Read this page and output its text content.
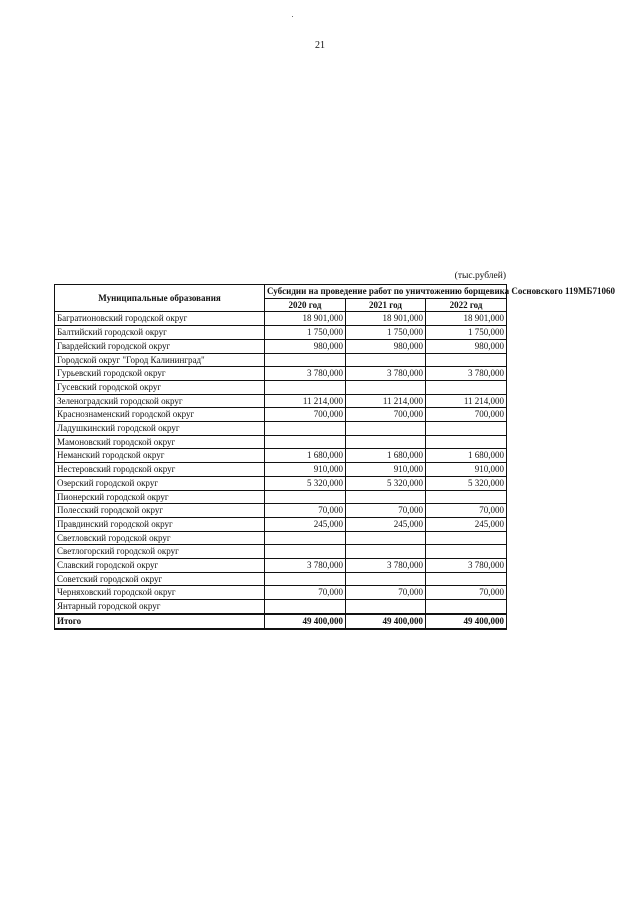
21
(тыс.рублей)
Муниципальные образования	Субсидии на проведение работ по уничтожению борщевика Сосновского 119МБ71060		
	2020 год	2021 год	2022 год
Багратионовский городской округ	18 901,000	18 901,000	18 901,000
Балтийский городской округ	1 750,000	1 750,000	1 750,000
Гвардейский городской округ	980,000	980,000	980,000
Городской округ "Город Калининград"			
Гурьевский городской округ	3 780,000	3 780,000	3 780,000
Гусевский городской округ			
Зеленоградский городской округ	11 214,000	11 214,000	11 214,000
Краснознаменский городской округ	700,000	700,000	700,000
Ладушкинский городской округ			
Мамоновский городской округ			
Неманский городской округ	1 680,000	1 680,000	1 680,000
Нестеровский городской округ	910,000	910,000	910,000
Озерский городской округ	5 320,000	5 320,000	5 320,000
Пионерский городской округ			
Полесский городской округ	70,000	70,000	70,000
Правдинский городской округ	245,000	245,000	245,000
Светловский городской округ			
Светлогорский городской округ			
Славский городской округ	3 780,000	3 780,000	3 780,000
Советский городской округ			
Черняховский городской округ	70,000	70,000	70,000
Янтарный городской округ			
Итого	49 400,000	49 400,000	49 400,000
